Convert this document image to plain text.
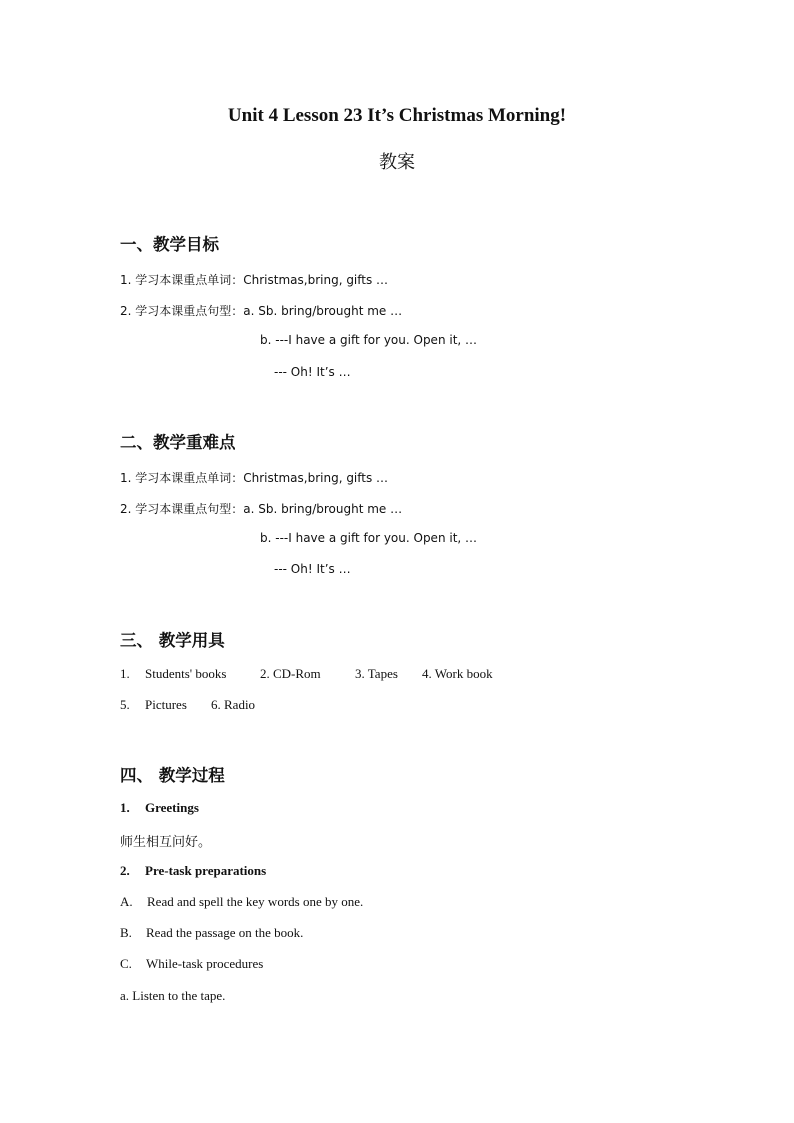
Unit 4 Lesson 23 It’s Christmas Morning!
教案
一、教学目标
1. 学习本课重点单词：Christmas,bring, gifts …
2. 学习本课重点句型：a. Sb. bring/brought me …
b. ---I have a gift for you. Open it, …
--- Oh! It’s …
二、教学重难点
1. 学习本课重点单词：Christmas,bring, gifts …
2. 学习本课重点句型：a. Sb. bring/brought me …
b. ---I have a gift for you. Open it, …
--- Oh! It’s …
三、 教学用具
1. Students' books	2. CD-Rom	3. Tapes 4. Work book
5. Pictures 6. Radio
四、 教学过程
1. Greetings
师生相互问好。
2. Pre-task preparations
A. Read and spell the key words one by one.
B. Read the passage on the book.
C. While-task procedures
a. Listen to the tape.
